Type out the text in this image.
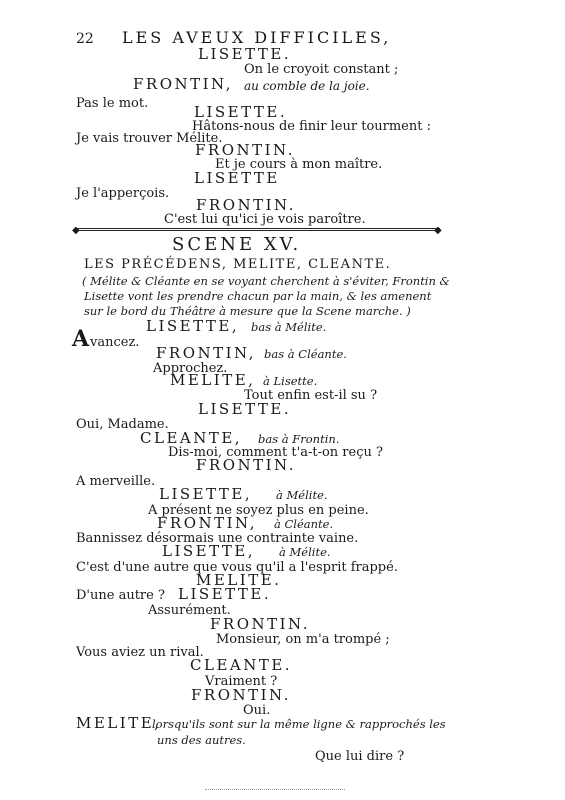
22 LES AVEUX DIFFICILES,
LISETTE.
On le croyoit constant ;
FRONTIN, au comble de la joie.
Pas le mot.	LISETTE.
Hâtons-nous de finir leur tourment :
Je vais trouver Mélite.
FRONTIN.
Et je cours à mon maître.
LISETTE
Je l'apperçois.
FRONTIN.
C'est lui qu'ici je vois paroître.
◆	◆
SCENE XV.
LES PRÉCÉDENS, MELITE, CLEANTE.
( Mélite & Cléante en se voyant cherchent à s'éviter, Frontin &
Lisette vont les prendre chacun par la main, & les amenent
sur le bord du Théâtre à mesure que la Scene marche. )
LISETTE, bas à Mélite.
A vancez.
FRONTIN, bas à Cléante.
Approchez.
MELITE, à Lisette.
Tout enfin est-il su ?
LISETTE.
Oui, Madame.
CLEANTE, bas à Frontin.
Dis-moi, comment t'a-t-on reçu ?
FRONTIN.
A merveille.
LISETTE, à Mélite.
A présent ne soyez plus en peine.
FRONTIN, à Cléante.
Bannissez désormais une contrainte vaine.
LISETTE, à Mélite.
C'est d'une autre que vous qu'il a l'esprit frappé.
MELITE.
D'une autre ? LISETTE.
Assurément.
FRONTIN.
Monsieur, on m'a trompé ;
Vous aviez un rival.
CLEANTE.
Vraiment ?
FRONTIN.
Oui.
MELITE,
lorsqu'ils sont sur la même ligne & rapprochés les
uns des autres.
Que lui dire ?
